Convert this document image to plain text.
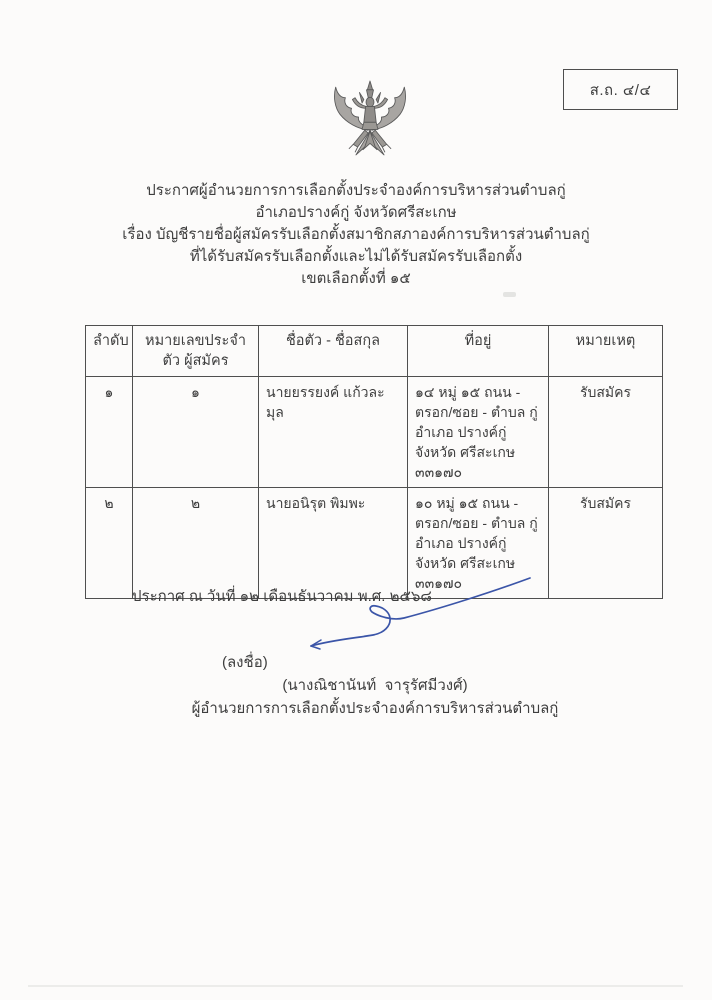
ส.ถ. ๔/๔
ประกาศผู้อำนวยการการเลือกตั้งประจำองค์การบริหารส่วนตำบลกู่
อำเภอปรางค์กู่ จังหวัดศรีสะเกษ
เรื่อง บัญชีรายชื่อผู้สมัครรับเลือกตั้งสมาชิกสภาองค์การบริหารส่วนตำบลกู่
ที่ได้รับสมัครรับเลือกตั้งและไม่ได้รับสมัครรับเลือกตั้ง
เขตเลือกตั้งที่ ๑๕
ลำดับ	หมายเลขประจำตัว ผู้สมัคร	ชื่อตัว - ชื่อสกุล	ที่อยู่	หมายเหตุ
๑	๑	นายยรรยงค์ แก้วละมุล	๑๔ หมู่ ๑๕ ถนน - ตรอก/ซอย - ตำบล กู่ อำเภอ ปรางค์กู่ จังหวัด ศรีสะเกษ ๓๓๑๗๐	รับสมัคร
๒	๒	นายอนิรุต พิมพะ	๑๐ หมู่ ๑๕ ถนน - ตรอก/ซอย - ตำบล กู่ อำเภอ ปรางค์กู่ จังหวัด ศรีสะเกษ ๓๓๑๗๐	รับสมัคร
ประกาศ ณ วันที่ ๑๒ เดือนธันวาคม พ.ศ. ๒๕๖๘
(ลงชื่อ)
(นางณิชานันท์  จารุรัศมีวงศ์)
ผู้อำนวยการการเลือกตั้งประจำองค์การบริหารส่วนตำบลกู่
